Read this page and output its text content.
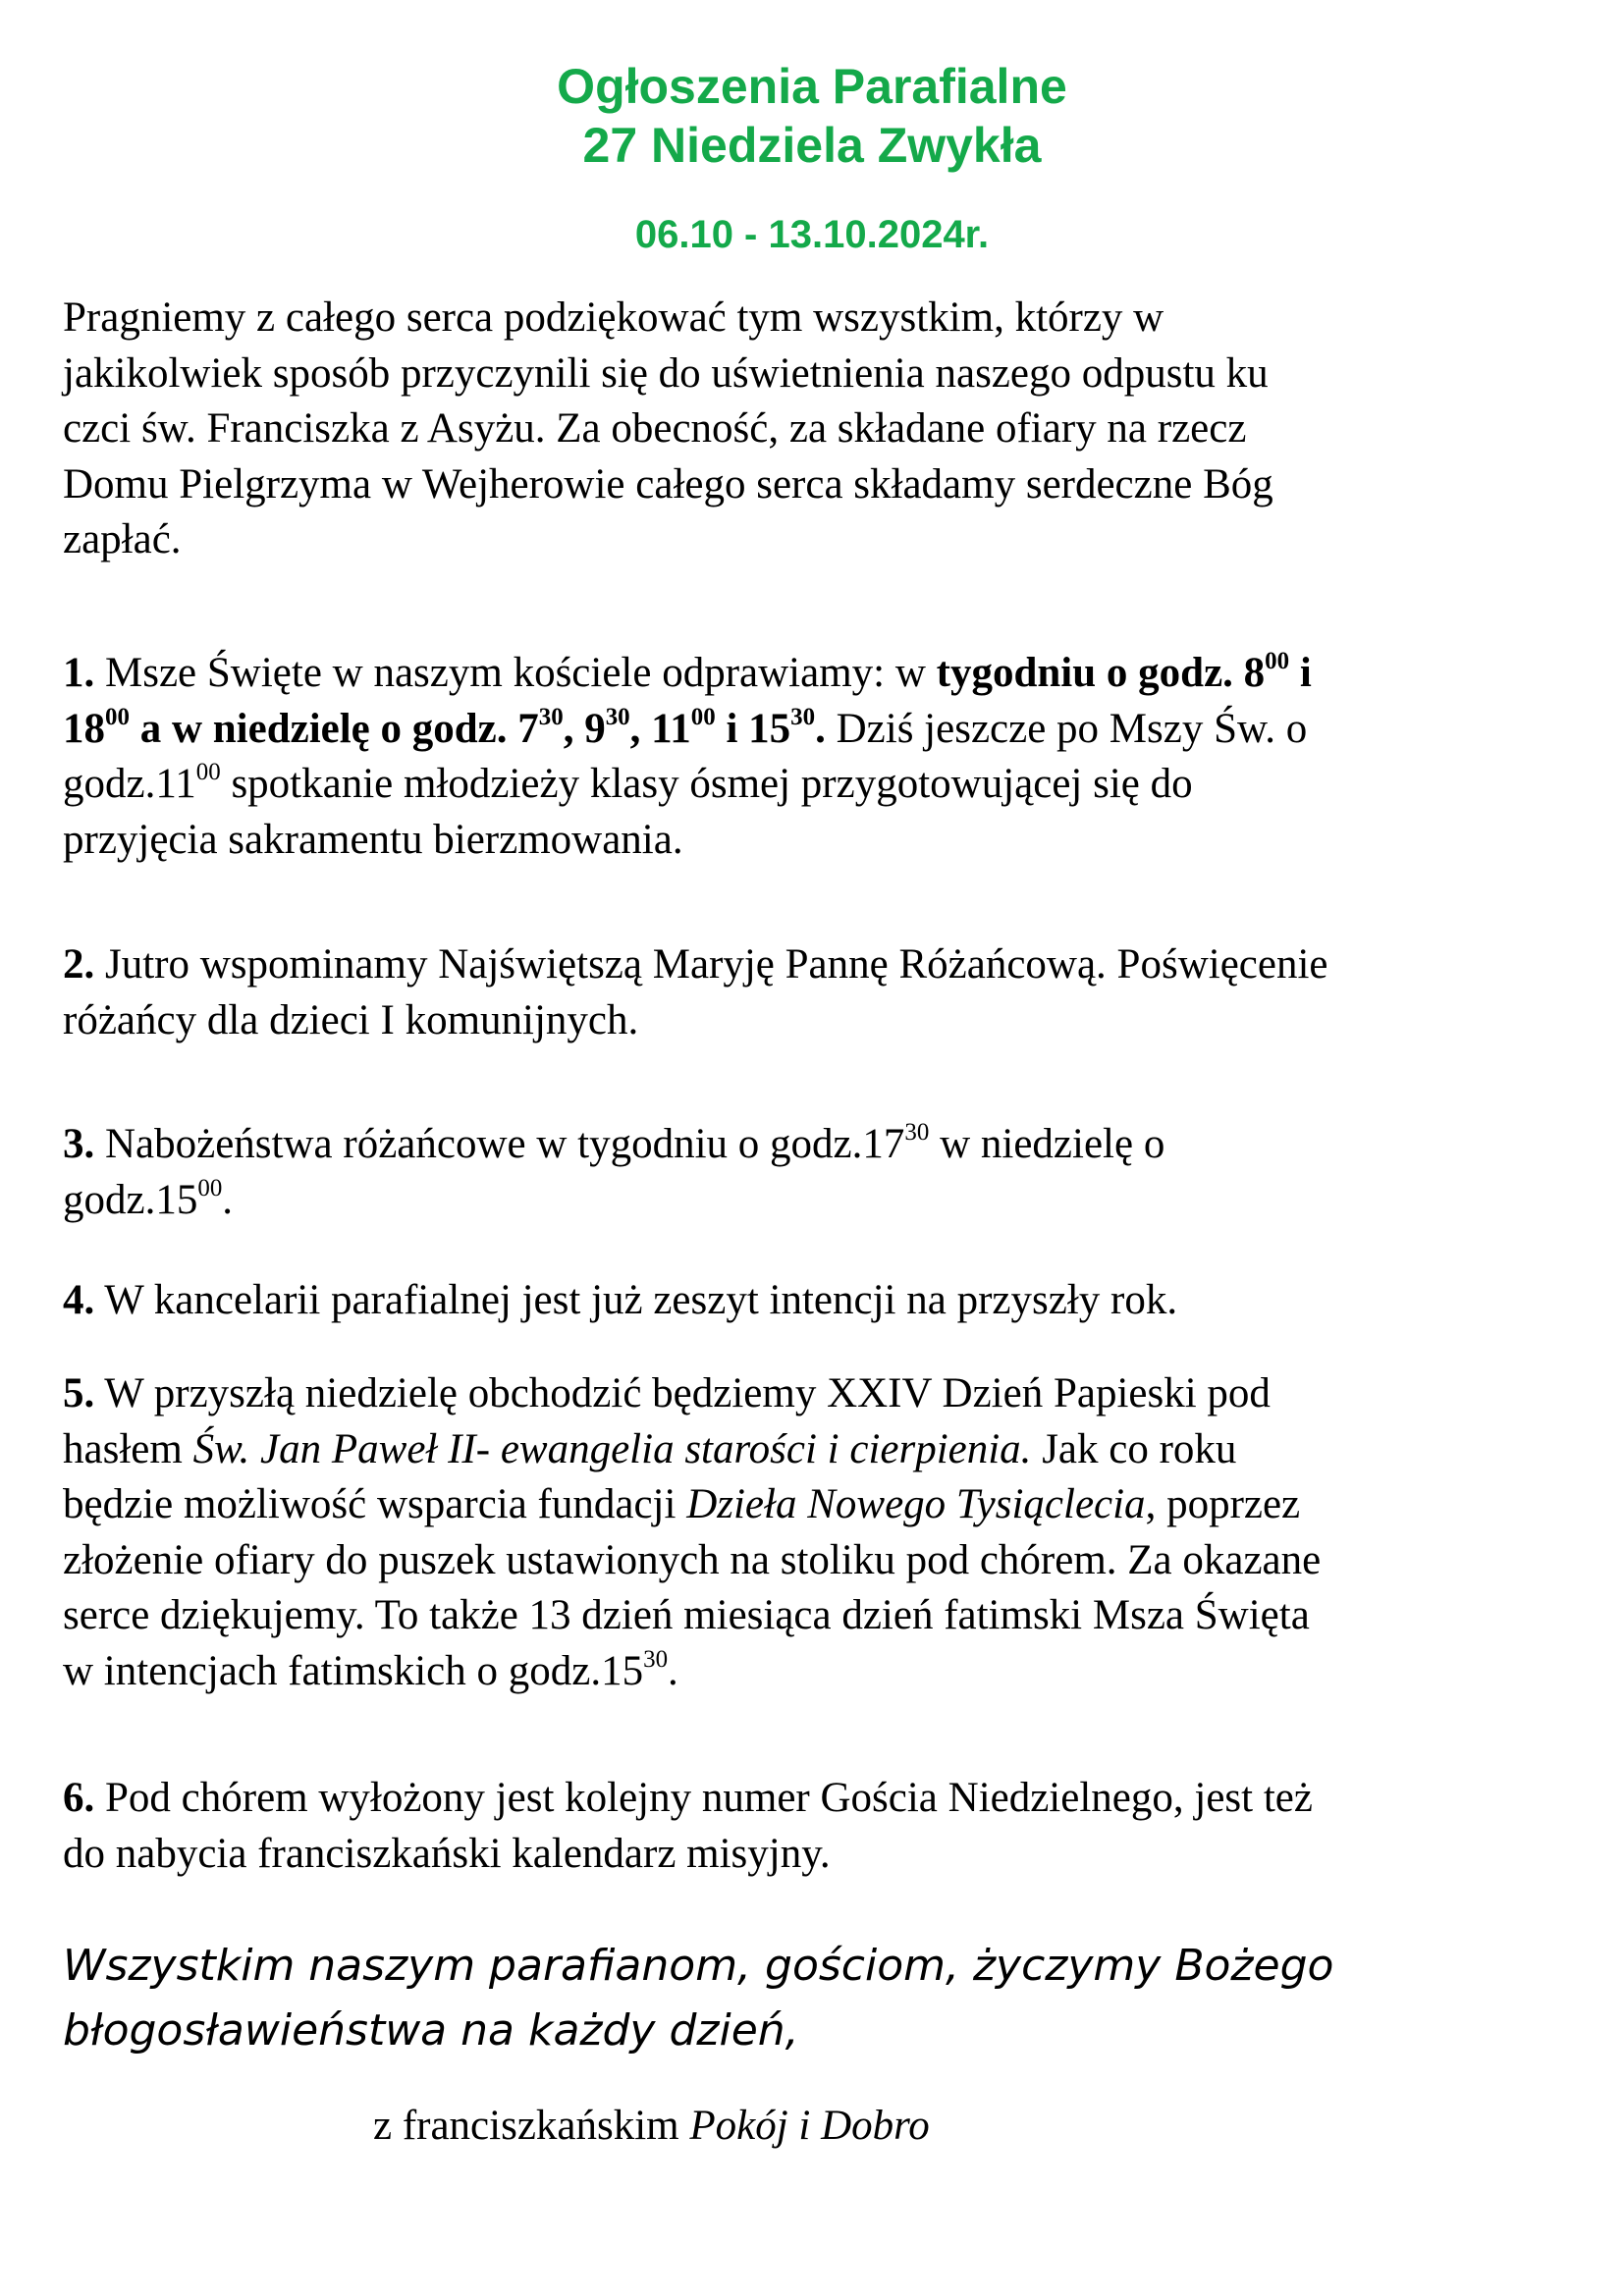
Ogłoszenia Parafialne
27 Niedziela Zwykła
06.10 - 13.10.2024r.
Pragniemy z całego serca podziękować tym wszystkim, którzy w
jakikolwiek sposób przyczynili się do uświetnienia naszego odpustu ku
czci św. Franciszka z Asyżu. Za obecność, za składane ofiary na rzecz
Domu Pielgrzyma w Wejherowie całego serca składamy serdeczne Bóg
zapłać.
1. Msze Święte w naszym kościele odprawiamy: w tygodniu o godz. $8^{00}$ i
$18^{00}$ a w niedzielę o godz. $7^{30}$, $9^{30}$, $11^{00}$ i $15^{30}$. Dziś jeszcze po Mszy Św. o
$godz.11^{00}$ spotkanie młodzieży klasy ósmej przygotowującej się do
przyjęcia sakramentu bierzmowania.
2. Jutro wspominamy Najświętszą Maryję Pannę Różańcową. Poświęcenie
różańcy dla dzieci I komunijnych.
3. Nabożeństwa różańcowe w tygodniu o $godz.17^{30}$ w niedzielę o
$godz.15^{00}$.
4. W kancelarii parafialnej jest już zeszyt intencji na przyszły rok.
5. W przyszłą niedzielę obchodzić będziemy XXIV Dzień Papieski pod
hasłem Św. Jan Paweł II- ewangelia starości i cierpienia. Jak co roku
będzie możliwość wsparcia fundacji Dzieła Nowego Tysiąclecia, poprzez
złożenie ofiary do puszek ustawionych na stoliku pod chórem. Za okazane
serce dziękujemy. To także 13 dzień miesiąca dzień fatimski Msza Święta
w intencjach fatimskich o $godz.15^{30}$.
6. Pod chórem wyłożony jest kolejny numer Gościa Niedzielnego, jest też
do nabycia franciszkański kalendarz misyjny.
Wszystkim naszym parafianom, gościom, życzymy Bożego
błogosławieństwa na każdy dzień,
z franciszkańskim Pokój i Dobro
